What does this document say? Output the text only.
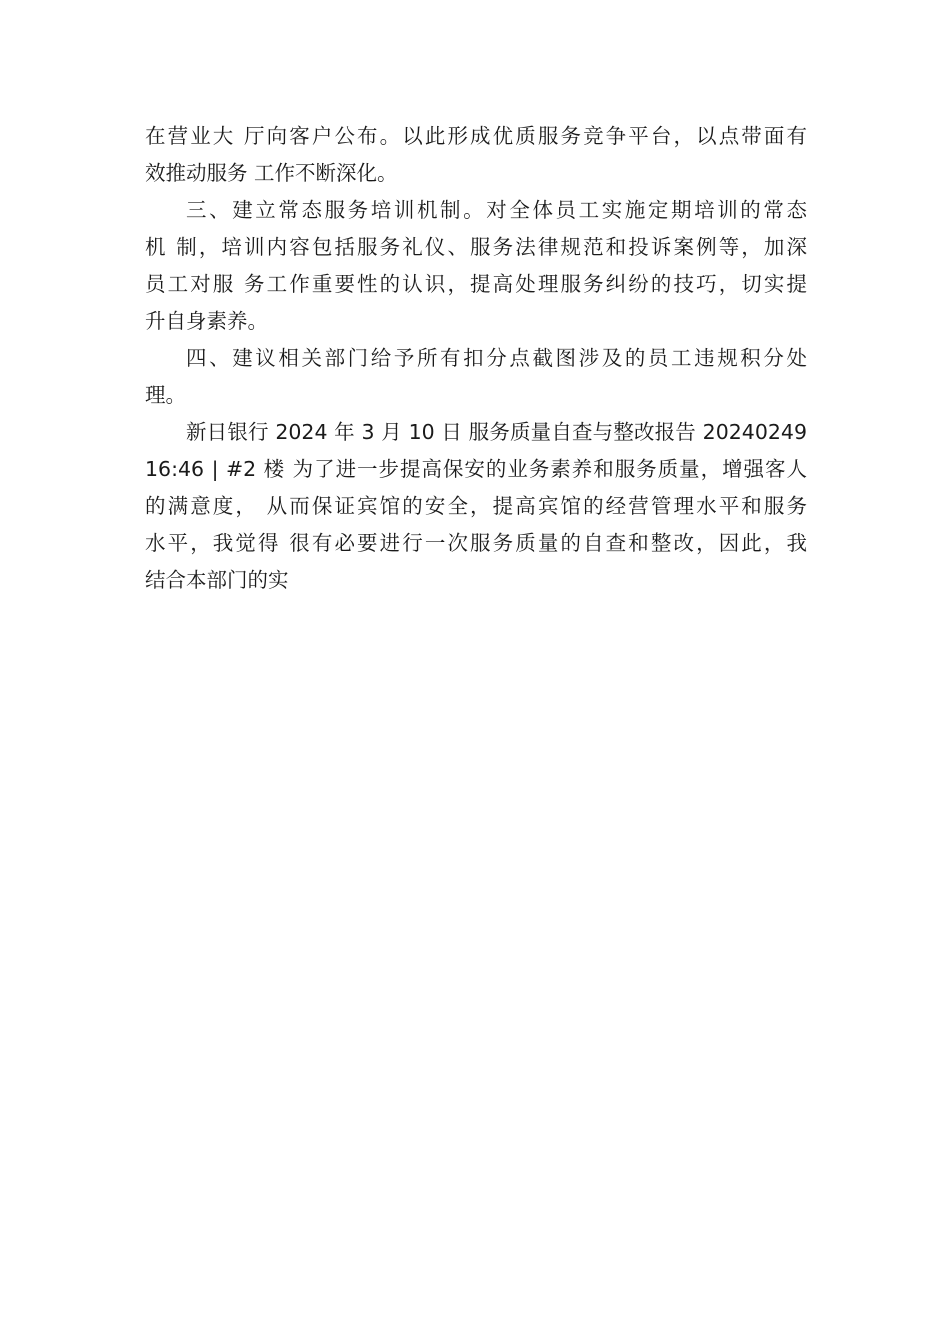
在营业大 厅向客户公布。以此形成优质服务竞争平台，以点带面有
效推动服务 工作不断深化。

三、建立常态服务培训机制。对全体员工实施定期培训的常态
机 制，培训内容包括服务礼仪、服务法律规范和投诉案例等，加深
员工对服 务工作重要性的认识，提高处理服务纠纷的技巧，切实提
升自身素养。

四、建议相关部门给予所有扣分点截图涉及的员工违规积分处
理。

新日银行 2024 年 3 月 10 日 服务质量自查与整改报告 20240249
16:46 | #2 楼 为了进一步提高保安的业务素养和服务质量，增强客人
的满意度， 从而保证宾馆的安全，提高宾馆的经营管理水平和服务
水平，我觉得 很有必要进行一次服务质量的自查和整改，因此，我
结合本部门的实
